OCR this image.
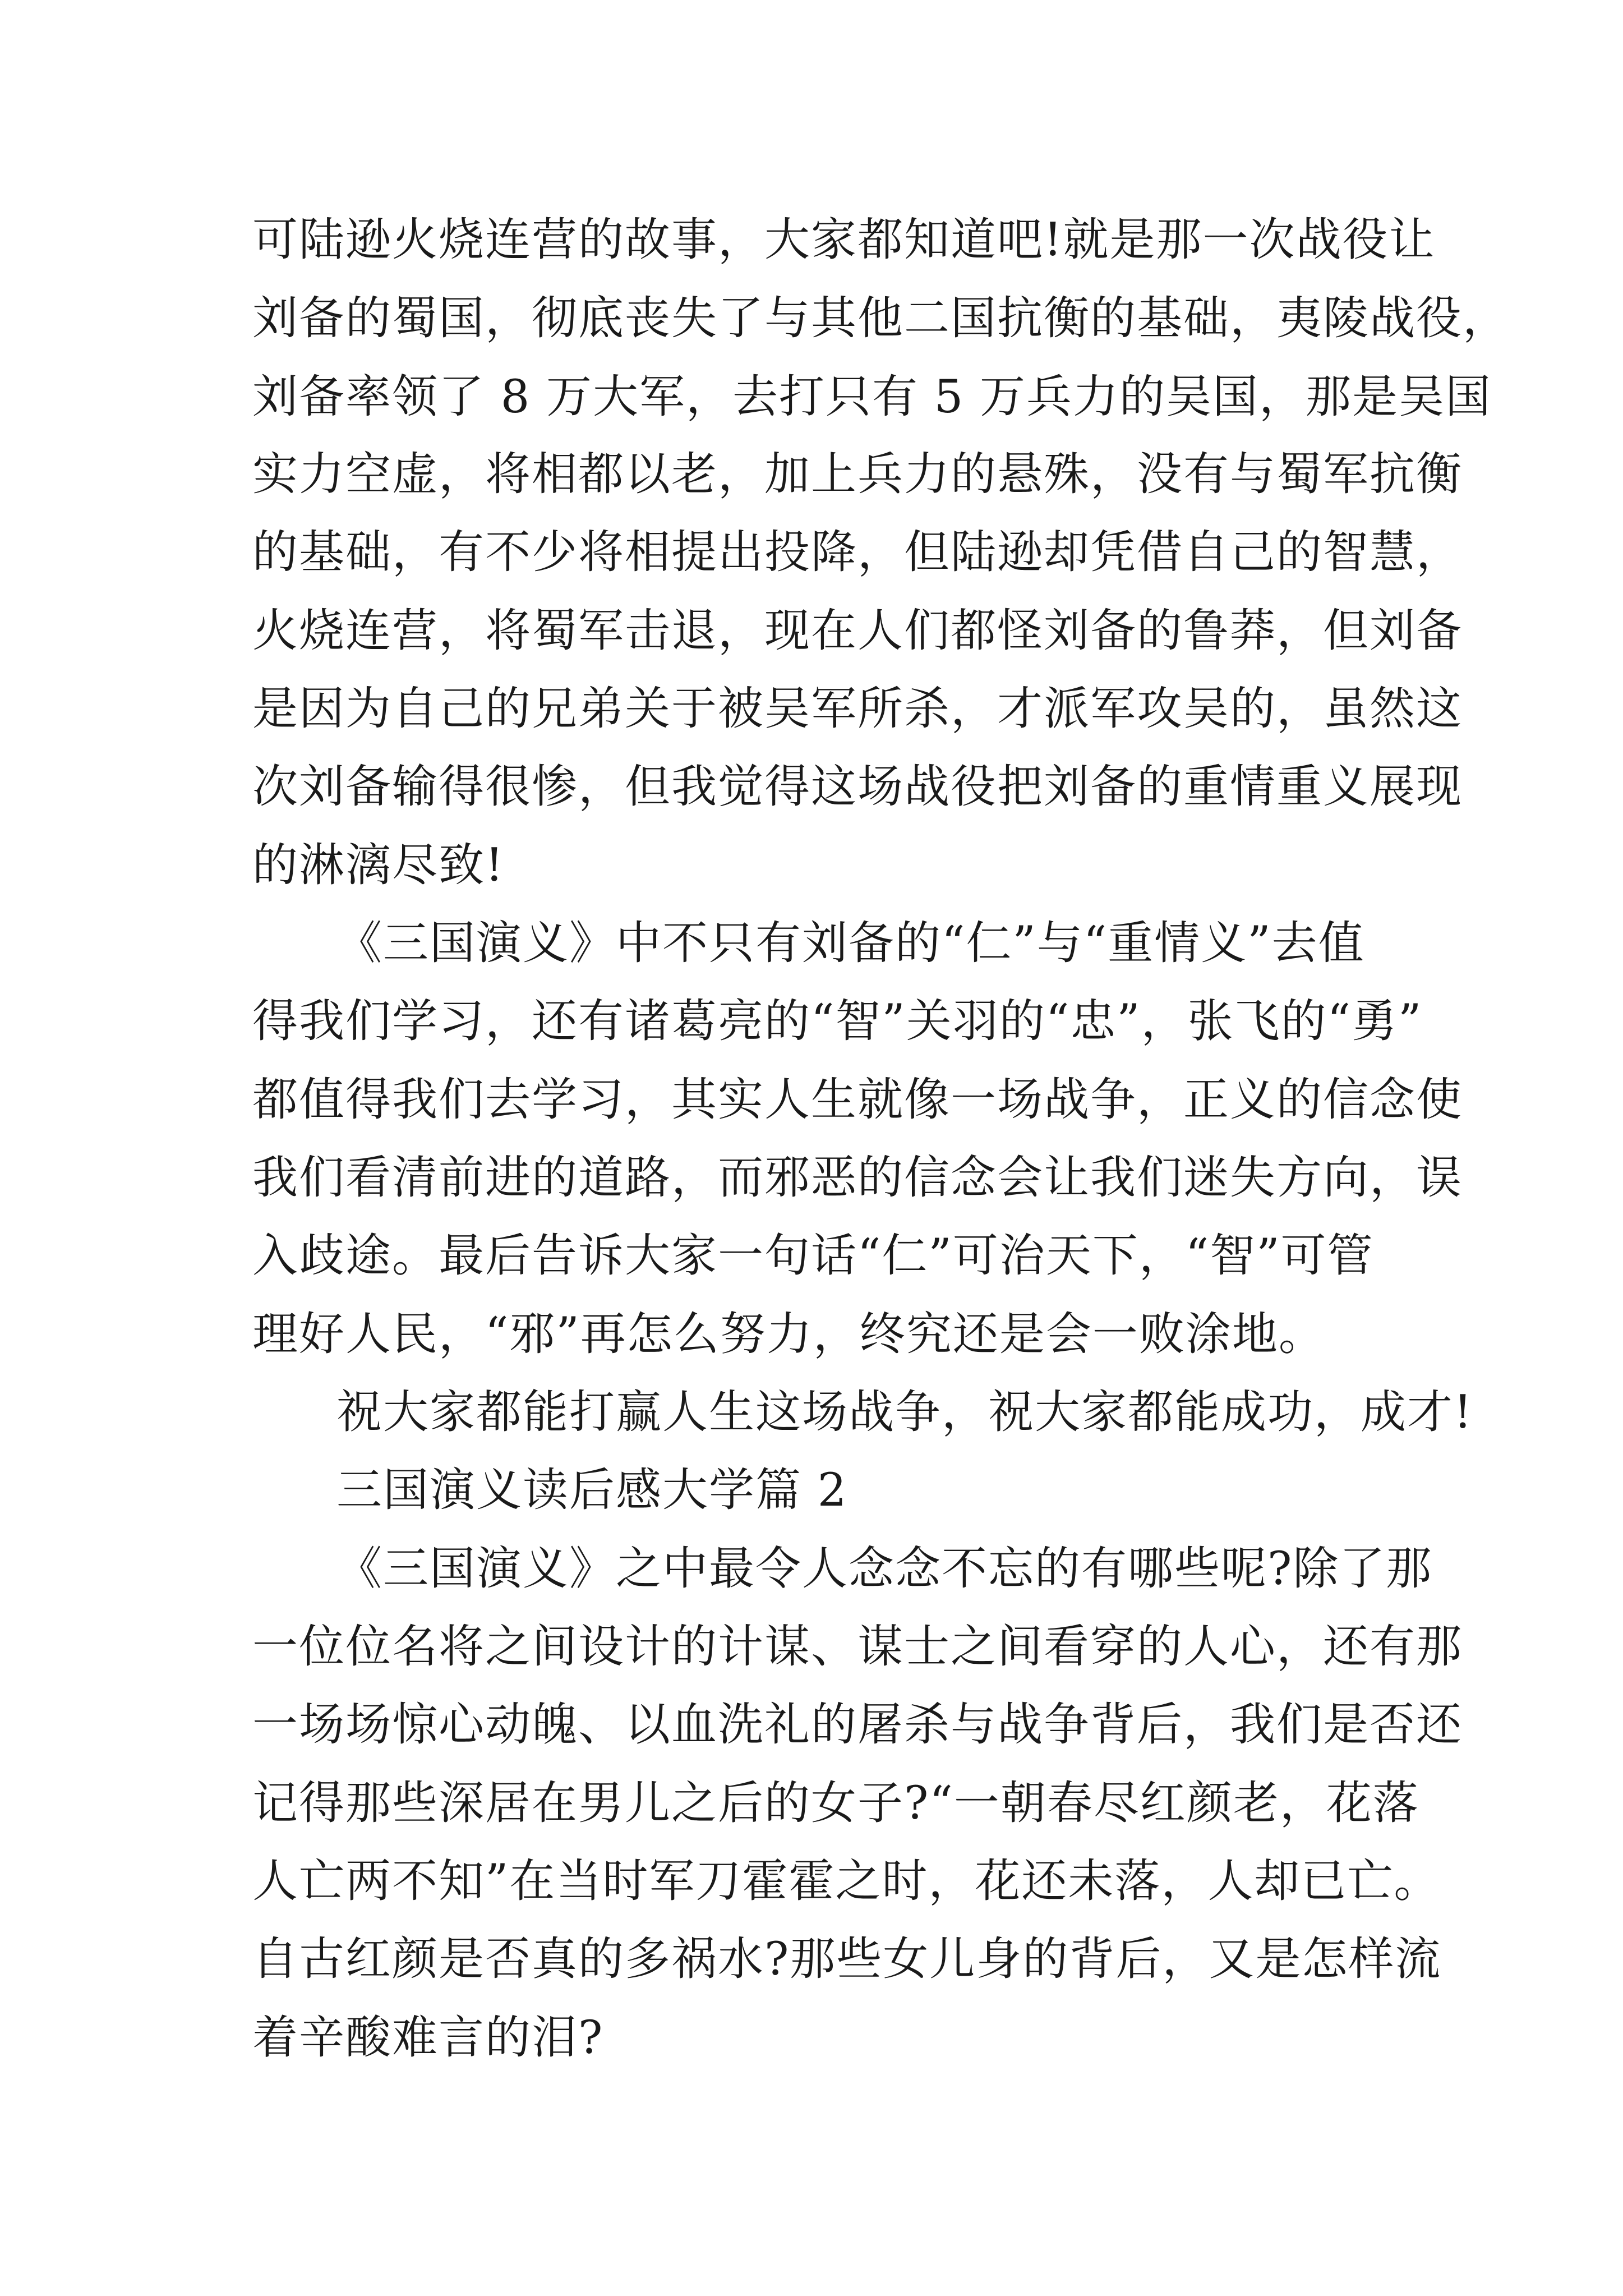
可陆逊火烧连营的故事，大家都知道吧!就是那一次战役让

刘备的蜀国，彻底丧失了与其他二国抗衡的基础，夷陵战役，

刘备率领了 8 万大军，去打只有 5 万兵力的吴国，那是吴国

实力空虚，将相都以老，加上兵力的悬殊，没有与蜀军抗衡

的基础，有不少将相提出投降，但陆逊却凭借自己的智慧，

火烧连营，将蜀军击退，现在人们都怪刘备的鲁莽，但刘备

是因为自己的兄弟关于被吴军所杀，才派军攻吴的，虽然这

次刘备输得很惨，但我觉得这场战役把刘备的重情重义展现

的淋漓尽致!

《三国演义》中不只有刘备的“仁”与“重情义”去值

得我们学习，还有诸葛亮的“智”关羽的“忠”，张飞的“勇”

都值得我们去学习，其实人生就像一场战争，正义的信念使

我们看清前进的道路，而邪恶的信念会让我们迷失方向，误

入歧途。最后告诉大家一句话“仁”可治天下，“智”可管

理好人民，“邪”再怎么努力，终究还是会一败涂地。

祝大家都能打赢人生这场战争，祝大家都能成功，成才!

三国演义读后感大学篇 2

《三国演义》之中最令人念念不忘的有哪些呢?除了那

一位位名将之间设计的计谋、谋士之间看穿的人心，还有那

一场场惊心动魄、以血洗礼的屠杀与战争背后，我们是否还

记得那些深居在男儿之后的女子?“一朝春尽红颜老，花落

人亡两不知”在当时军刀霍霍之时，花还未落，人却已亡。

自古红颜是否真的多祸水?那些女儿身的背后，又是怎样流

着辛酸难言的泪?
